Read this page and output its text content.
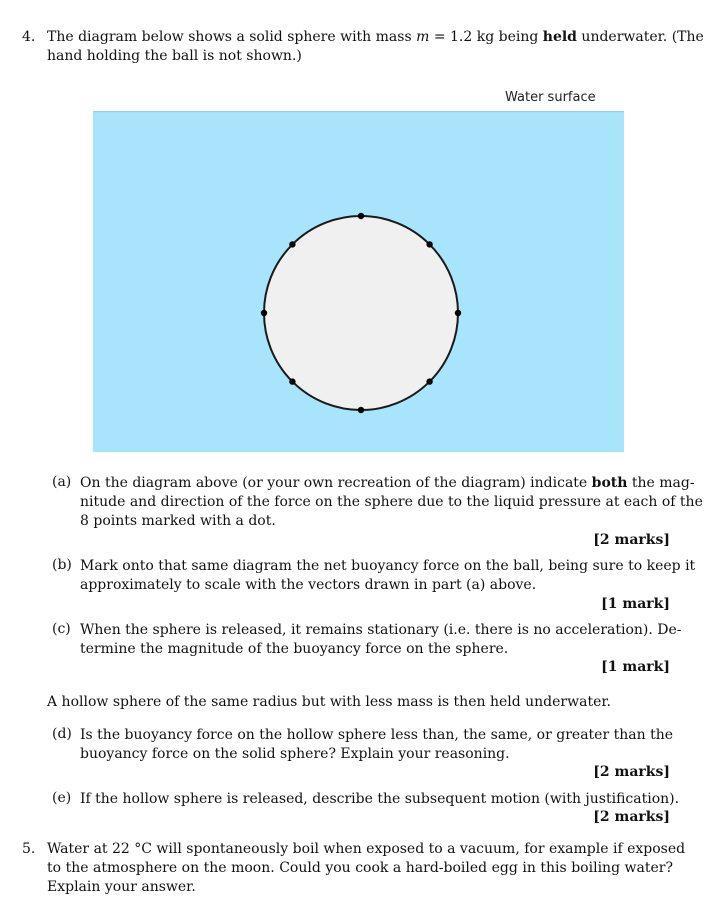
4. The diagram below shows a solid sphere with mass m = 1.2 kg being held underwater. (The
hand holding the ball is not shown.)
Water surface
(a) On the diagram above (or your own recreation of the diagram) indicate both the mag-
nitude and direction of the force on the sphere due to the liquid pressure at each of the
8 points marked with a dot.
[2 marks]
(b) Mark onto that same diagram the net buoyancy force on the ball, being sure to keep it
approximately to scale with the vectors drawn in part (a) above.
[1 mark]
(c) When the sphere is released, it remains stationary (i.e. there is no acceleration). De-
termine the magnitude of the buoyancy force on the sphere.
[1 mark]
A hollow sphere of the same radius but with less mass is then held underwater.
(d) Is the buoyancy force on the hollow sphere less than, the same, or greater than the
buoyancy force on the solid sphere? Explain your reasoning.
[2 marks]
(e) If the hollow sphere is released, describe the subsequent motion (with justification).
[2 marks]
5. Water at 22 °C will spontaneously boil when exposed to a vacuum, for example if exposed
to the atmosphere on the moon. Could you cook a hard-boiled egg in this boiling water?
Explain your answer.
